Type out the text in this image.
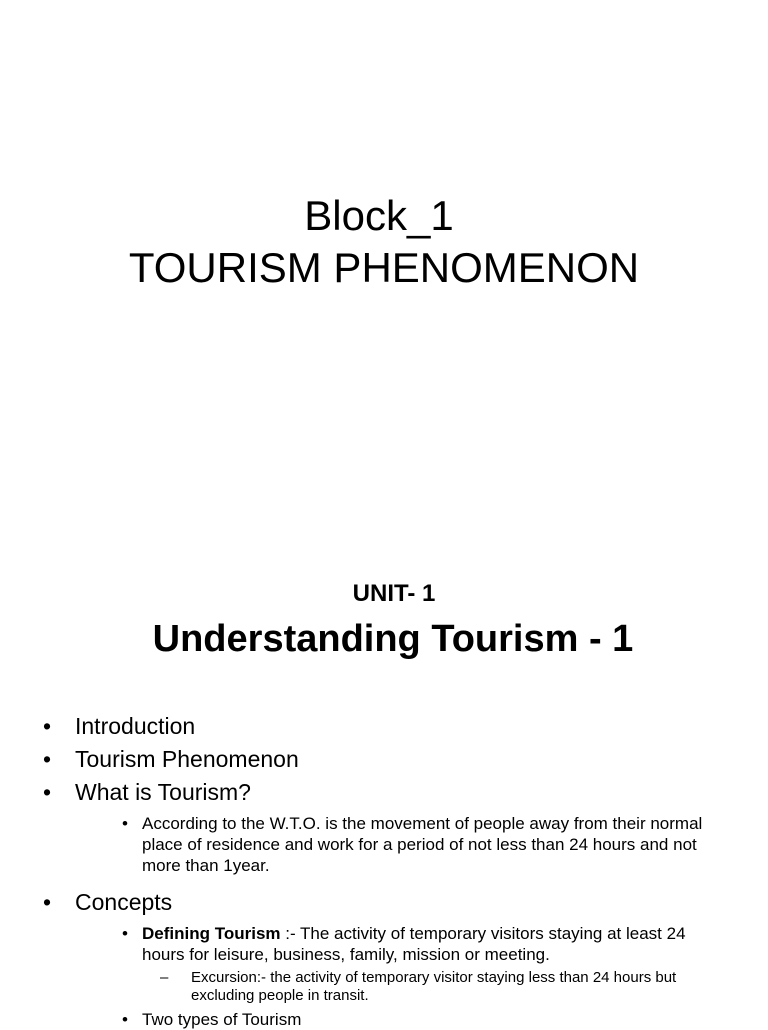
Block_1
TOURISM PHENOMENON
UNIT- 1
Understanding Tourism - 1
• Introduction
• Tourism Phenomenon
• What is Tourism?
• According to the W.T.O. is the movement of people away from their normal place of residence and work for a period of not less than 24 hours and not more than 1year.
• Concepts
• Defining Tourism :- The activity of temporary visitors staying at least 24 hours for leisure, business, family, mission or meeting.
– Excursion:- the activity of temporary visitor staying less than 24 hours but excluding people in transit.
• Two types of Tourism
